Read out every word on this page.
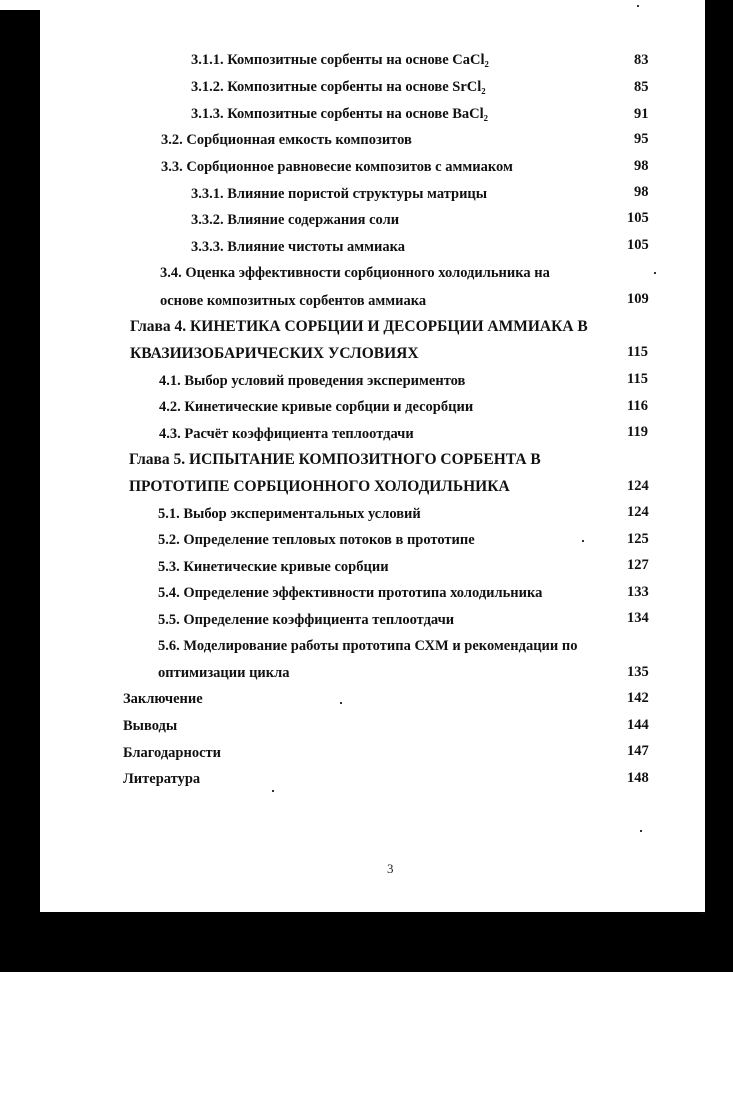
3.1.1. Композитные сорбенты на основе CaCl₂	83
3.1.2. Композитные сорбенты на основе SrCl₂	85
3.1.3. Композитные сорбенты на основе BaCl₂	91
3.2. Сорбционная емкость композитов	95
3.3. Сорбционное равновесие композитов с аммиаком	98
3.3.1. Влияние пористой структуры матрицы	98
3.3.2. Влияние содержания соли	105
3.3.3. Влияние чистоты аммиака	105
3.4. Оценка эффективности сорбционного холодильника на
основе композитных сорбентов аммиака	109
Глава 4. КИНЕТИКА СОРБЦИИ И ДЕСОРБЦИИ АММИАКА В
КВАЗИИЗОБАРИЧЕСКИХ УСЛОВИЯХ	115
4.1. Выбор условий проведения экспериментов	115
4.2. Кинетические кривые сорбции и десорбции	116
4.3. Расчёт коэффициента теплоотдачи	119
Глава 5. ИСПЫТАНИЕ КОМПОЗИТНОГО СОРБЕНТА В
ПРОТОТИПЕ СОРБЦИОННОГО ХОЛОДИЛЬНИКА	124
5.1. Выбор экспериментальных условий	124
5.2. Определение тепловых потоков в прототипе	125
5.3. Кинетические кривые сорбции	127
5.4. Определение эффективности прототипа холодильника	133
5.5. Определение коэффициента теплоотдачи	134
5.6. Моделирование работы прототипа СХМ и рекомендации по
оптимизации цикла	135
Заключение	142
Выводы	144
Благодарности	147
Литература	148
3
